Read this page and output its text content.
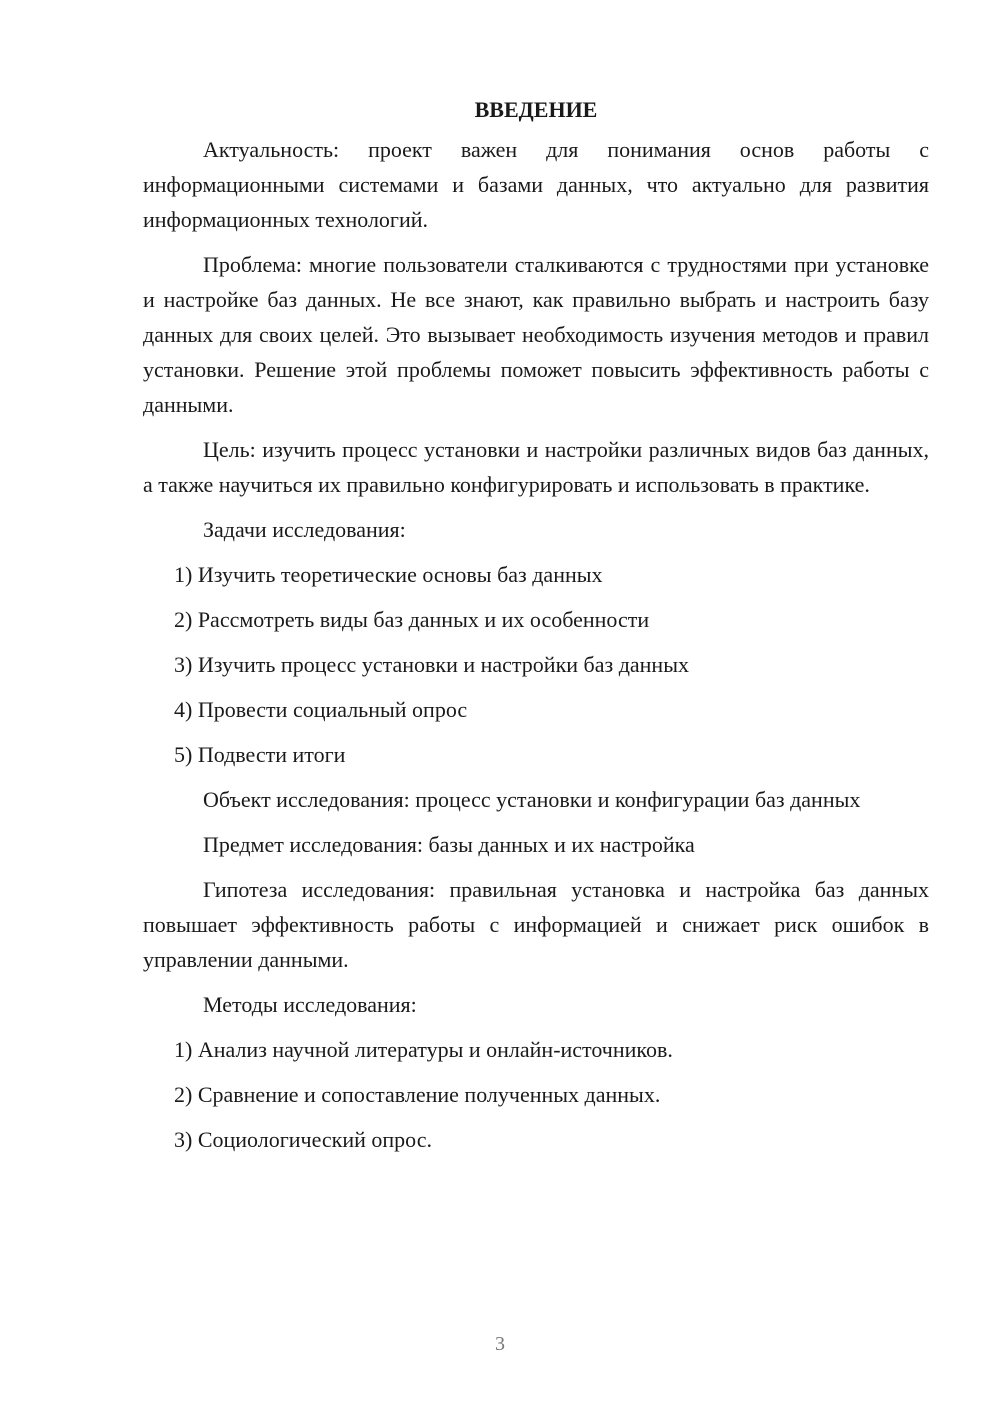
ВВЕДЕНИЕ
Актуальность: проект важен для понимания основ работы с информационными системами и базами данных, что актуально для развития информационных технологий.
Проблема: многие пользователи сталкиваются с трудностями при установке и настройке баз данных. Не все знают, как правильно выбрать и настроить базу данных для своих целей. Это вызывает необходимость изучения методов и правил установки. Решение этой проблемы поможет повысить эффективность работы с данными.
Цель: изучить процесс установки и настройки различных видов баз данных, а также научиться их правильно конфигурировать и использовать в практике.
Задачи исследования:
1) Изучить теоретические основы баз данных
2) Рассмотреть виды баз данных и их особенности
3) Изучить процесс установки и настройки баз данных
4) Провести социальный опрос
5) Подвести итоги
Объект исследования: процесс установки и конфигурации баз данных
Предмет исследования: базы данных и их настройка
Гипотеза исследования: правильная установка и настройка баз данных повышает эффективность работы с информацией и снижает риск ошибок в управлении данными.
Методы исследования:
1) Анализ научной литературы и онлайн-источников.
2) Сравнение и сопоставление полученных данных.
3) Социологический опрос.
3
